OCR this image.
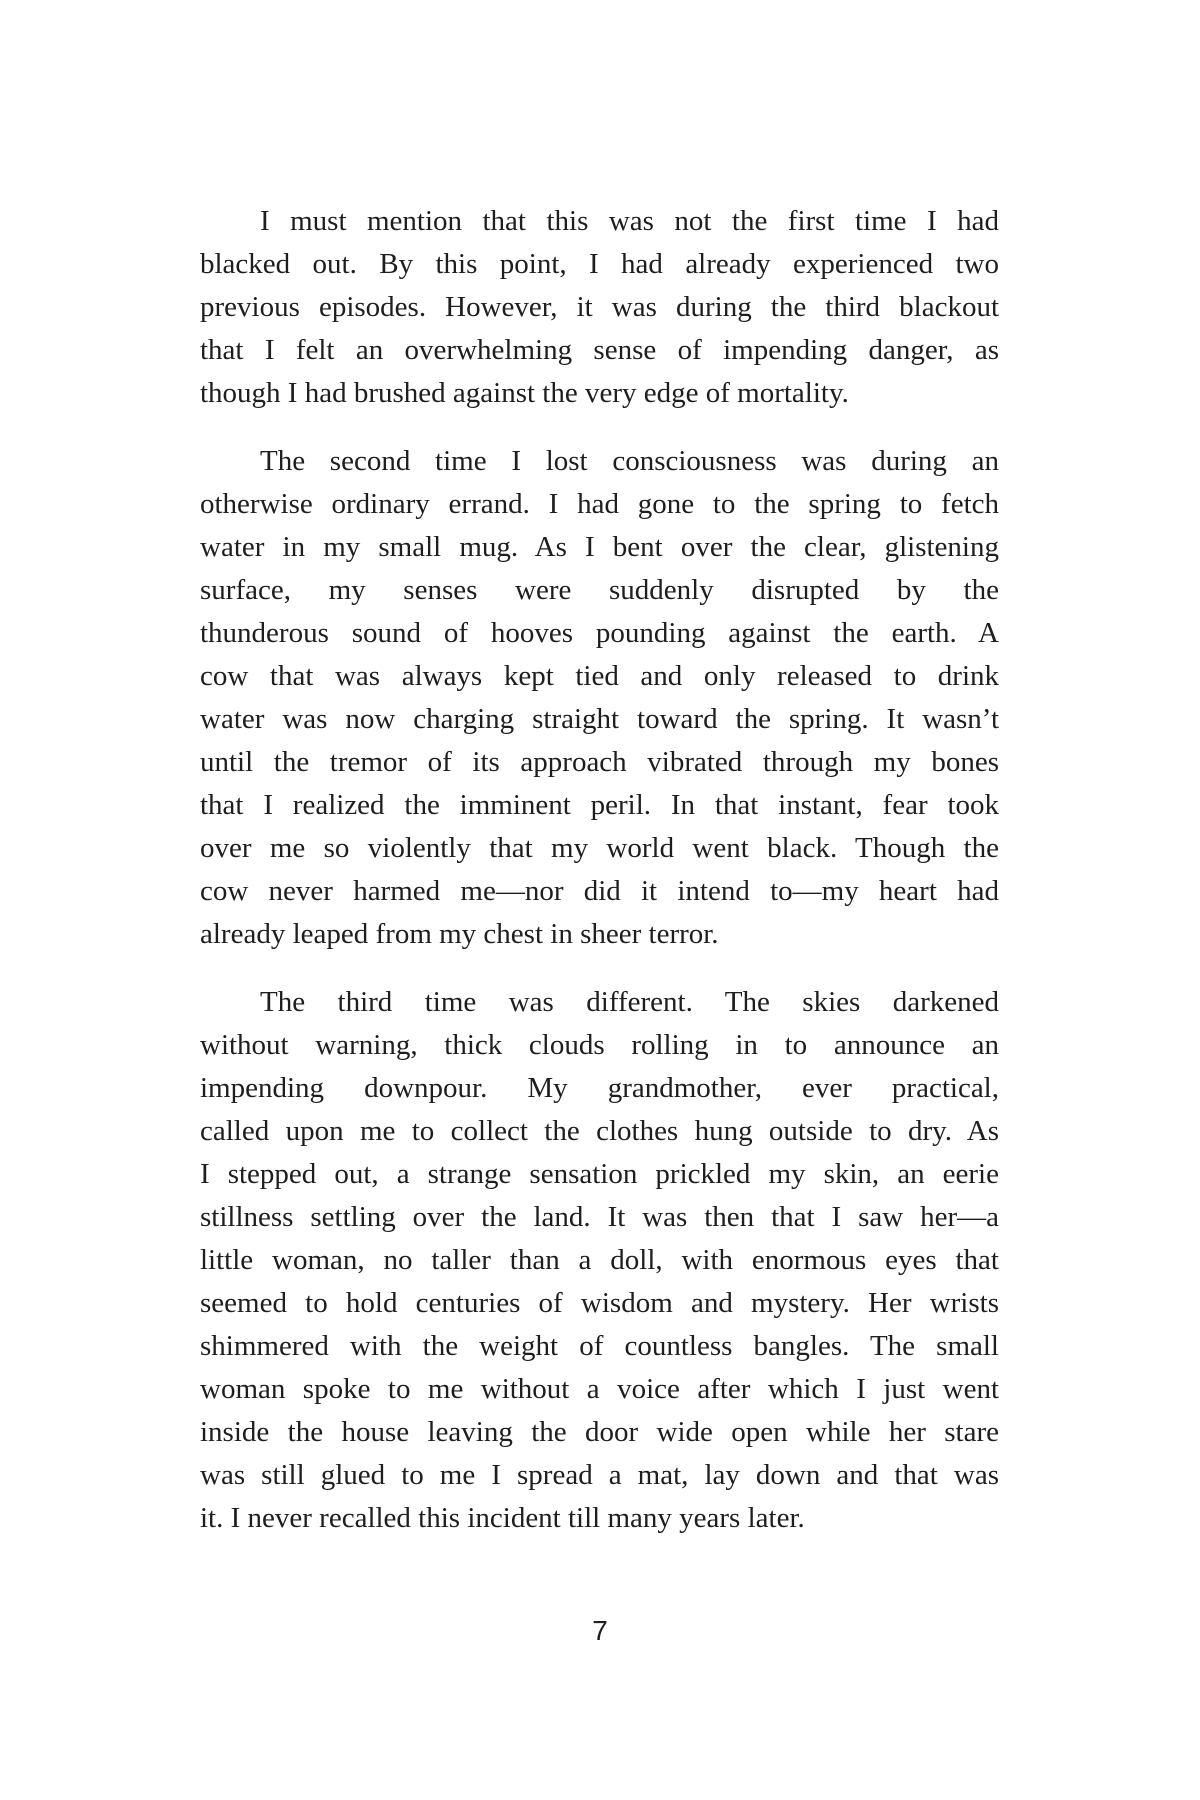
I must mention that this was not the first time I had
blacked out. By this point, I had already experienced two
previous episodes. However, it was during the third blackout
that I felt an overwhelming sense of impending danger, as
though I had brushed against the very edge of mortality.
The second time I lost consciousness was during an
otherwise ordinary errand. I had gone to the spring to fetch
water in my small mug. As I bent over the clear, glistening
surface, my senses were suddenly disrupted by the
thunderous sound of hooves pounding against the earth. A
cow that was always kept tied and only released to drink
water was now charging straight toward the spring. It wasn’t
until the tremor of its approach vibrated through my bones
that I realized the imminent peril. In that instant, fear took
over me so violently that my world went black. Though the
cow never harmed me—nor did it intend to—my heart had
already leaped from my chest in sheer terror.
The third time was different. The skies darkened
without warning, thick clouds rolling in to announce an
impending downpour. My grandmother, ever practical,
called upon me to collect the clothes hung outside to dry. As
I stepped out, a strange sensation prickled my skin, an eerie
stillness settling over the land. It was then that I saw her—a
little woman, no taller than a doll, with enormous eyes that
seemed to hold centuries of wisdom and mystery. Her wrists
shimmered with the weight of countless bangles. The small
woman spoke to me without a voice after which I just went
inside the house leaving the door wide open while her stare
was still glued to me I spread a mat, lay down and that was
it. I never recalled this incident till many years later.
7
